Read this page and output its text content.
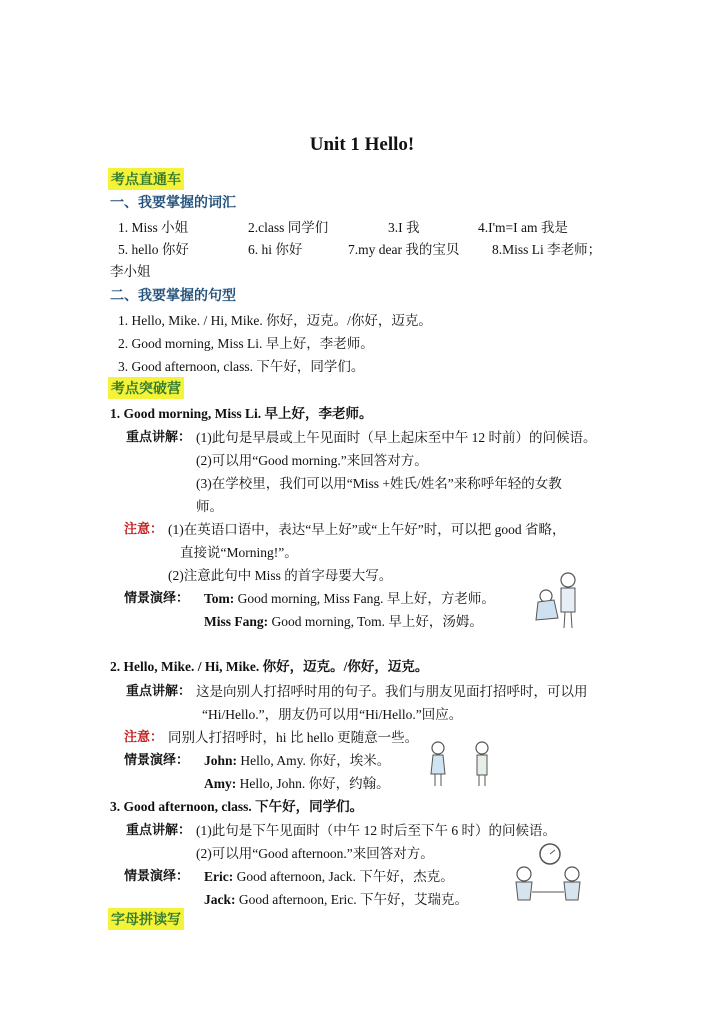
Unit 1 Hello!
考点直通车
一、我要掌握的词汇
1. Miss 小姐	2.class 同学们	3.I 我	4.I'm=I am 我是
5. hello 你好	6. hi 你好	7.my dear 我的宝贝 8.Miss Li 李老师；
李小姐
二、我要掌握的句型
1. Hello, Mike. / Hi, Mike. 你好，迈克。/你好，迈克。
2. Good morning, Miss Li. 早上好，李老师。
3. Good afternoon, class. 下午好，同学们。
考点突破营
1. Good morning, Miss Li. 早上好，李老师。
重点讲解： (1)此句是早晨或上午见面时（早上起床至中午 12 时前）的问候语。
(2)可以用“Good morning.”来回答对方。
(3)在学校里，我们可以用“Miss +姓氏/姓名”来称呼年轻的女教
师。
注意： (1)在英语口语中，表达“早上好”或“上午好”时，可以把 good 省略，
直接说“Morning!”。
(2)注意此句中 Miss 的首字母要大写。
情景演绎： Tom: Good morning, Miss Fang. 早上好，方老师。
Miss Fang: Good morning, Tom. 早上好，汤姆。
2. Hello, Mike. / Hi, Mike. 你好，迈克。/你好，迈克。
重点讲解： 这是向别人打招呼时用的句子。我们与朋友见面打招呼时，可以用
“Hi/Hello.”，朋友仍可以用“Hi/Hello.”回应。
注意： 同别人打招呼时，hi 比 hello 更随意一些。
情景演绎： John: Hello, Amy. 你好，埃米。
Amy: Hello, John. 你好，约翰。
3. Good afternoon, class. 下午好，同学们。
重点讲解： (1)此句是下午见面时（中午 12 时后至下午 6 时）的问候语。
(2)可以用“Good afternoon.”来回答对方。
情景演绎： Eric: Good afternoon, Jack. 下午好，杰克。
Jack: Good afternoon, Eric. 下午好，艾瑞克。
字母拼读写
